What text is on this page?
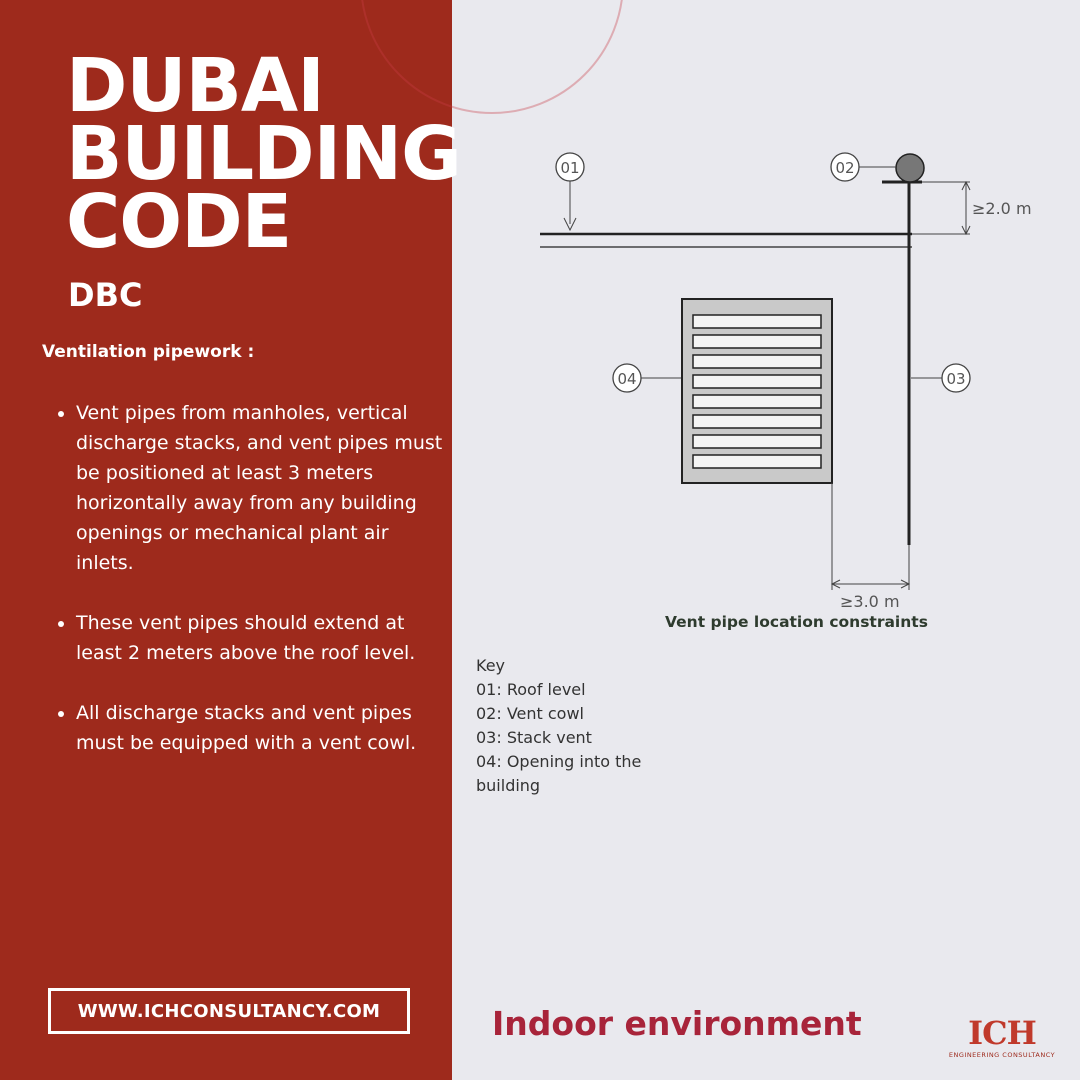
DUBAI
BUILDING
CODE
DBC
Ventilation pipework :
• Vent pipes from manholes, vertical discharge stacks, and vent pipes must be positioned at least 3 meters horizontally away from any building openings or mechanical plant air inlets.
• These vent pipes should extend at least 2 meters above the roof level.
• All discharge stacks and vent pipes must be equipped with a vent cowl.
WWW.ICHCONSULTANCY.COM
01	02
03
04
≥2.0 m
≥3.0 m
Vent pipe location constraints
Key
01: Roof level
02: Vent cowl
03: Stack vent
04: Opening into the building
Indoor environment	ICH
ENGINEERING CONSULTANCY
